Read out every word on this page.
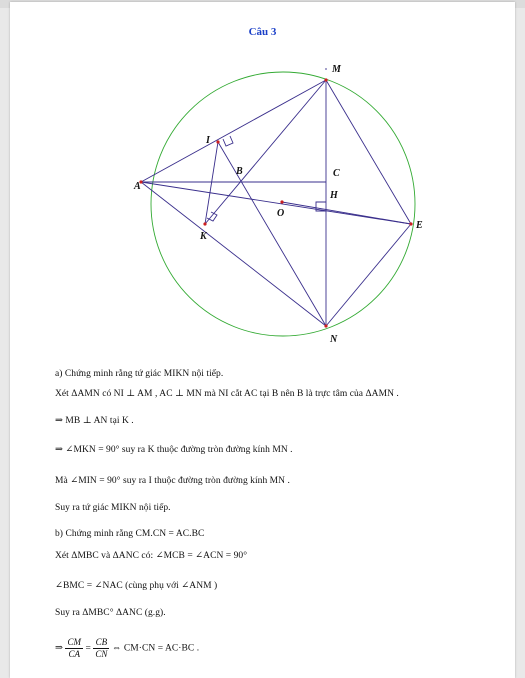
Câu 3
M
C
B
H
I
A
O
E
K
N
a) Chứng minh rằng tứ giác MIKN nội tiếp.
Xét ΔAMN có NI ⊥ AM , AC ⊥ MN mà NI cắt AC tại B nên B là trực tâm của ΔAMN .
⇒ MB ⊥ AN tại K .
⇒ ∠MKN = 90° suy ra K thuộc đường tròn đường kính MN .
Mà ∠MIN = 90° suy ra I thuộc đường tròn đường kính MN .
Suy ra tứ giác MIKN nội tiếp.
b) Chứng minh rằng CM.CN = AC.BC
Xét ΔMBC và ΔANC có: ∠MCB = ∠ACN = 90°
∠BMC = ∠NAC (cùng phụ với ∠ANM )
Suy ra ΔMBC° ΔANC (g.g).
⇒ $\frac{CM}{CA} = \frac{CB}{CN}$ ⇔ CM·CN = AC·BC .
